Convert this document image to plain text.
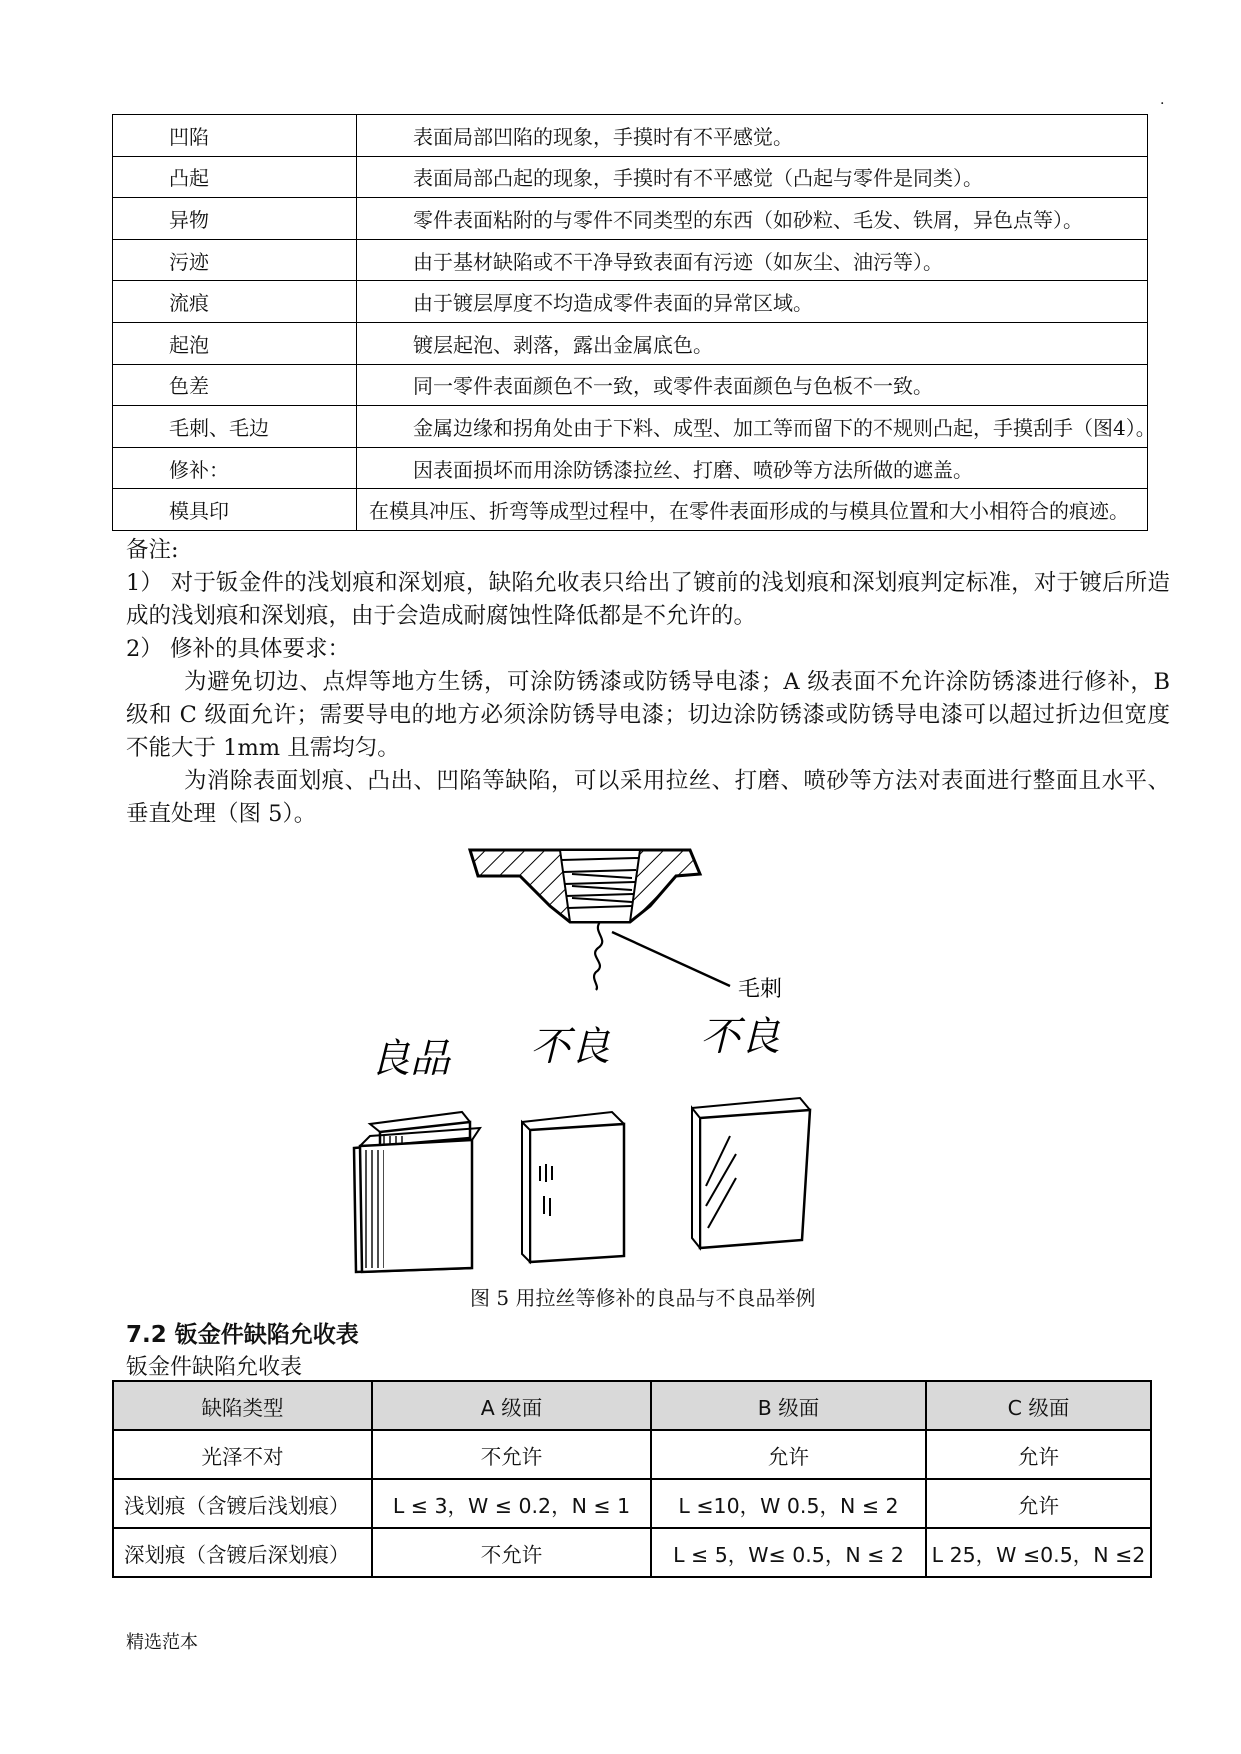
.
凹陷	表面局部凹陷的现象，手摸时有不平感觉。
凸起	表面局部凸起的现象，手摸时有不平感觉（凸起与零件是同类）。
异物	零件表面粘附的与零件不同类型的东西（如砂粒、毛发、铁屑，异色点等）。
污迹	由于基材缺陷或不干净导致表面有污迹（如灰尘、油污等）。
流痕	由于镀层厚度不均造成零件表面的异常区域。
起泡	镀层起泡、剥落，露出金属底色。
色差	同一零件表面颜色不一致，或零件表面颜色与色板不一致。
毛刺、毛边	金属边缘和拐角处由于下料、成型、加工等而留下的不规则凸起，手摸刮手（图4）。
修补：	因表面损坏而用涂防锈漆拉丝、打磨、喷砂等方法所做的遮盖。
模具印	在模具冲压、折弯等成型过程中，在零件表面形成的与模具位置和大小相符合的痕迹。

备注:

1） 对于钣金件的浅划痕和深划痕，缺陷允收表只给出了镀前的浅划痕和深划痕判定标准，对于镀后所造成的浅划痕和深划痕，由于会造成耐腐蚀性降低都是不允许的。

2） 修补的具体要求：

为避免切边、点焊等地方生锈，可涂防锈漆或防锈导电漆；A 级表面不允许涂防锈漆进行修补，B 级和 C 级面允许；需要导电的地方必须涂防锈导电漆；切边涂防锈漆或防锈导电漆可以超过折边但宽度不能大于 1mm 且需均匀。

为消除表面划痕、凸出、凹陷等缺陷，可以采用拉丝、打磨、喷砂等方法对表面进行整面且水平、垂直处理（图 5）。

毛刺
良品 不良 不良
图 5 用拉丝等修补的良品与不良品举例
7.2 钣金件缺陷允收表
钣金件缺陷允收表
缺陷类型	A 级面	B 级面	C 级面
光泽不对	不允许	允许	允许
浅划痕（含镀后浅划痕）	L ≤ 3，W ≤ 0.2，N ≤ 1	L ≤10，W 0.5，N ≤ 2	允许
深划痕（含镀后深划痕）	不允许	L ≤ 5，W≤ 0.5，N ≤ 2	L 25，W ≤0.5，N ≤2
精选范本
